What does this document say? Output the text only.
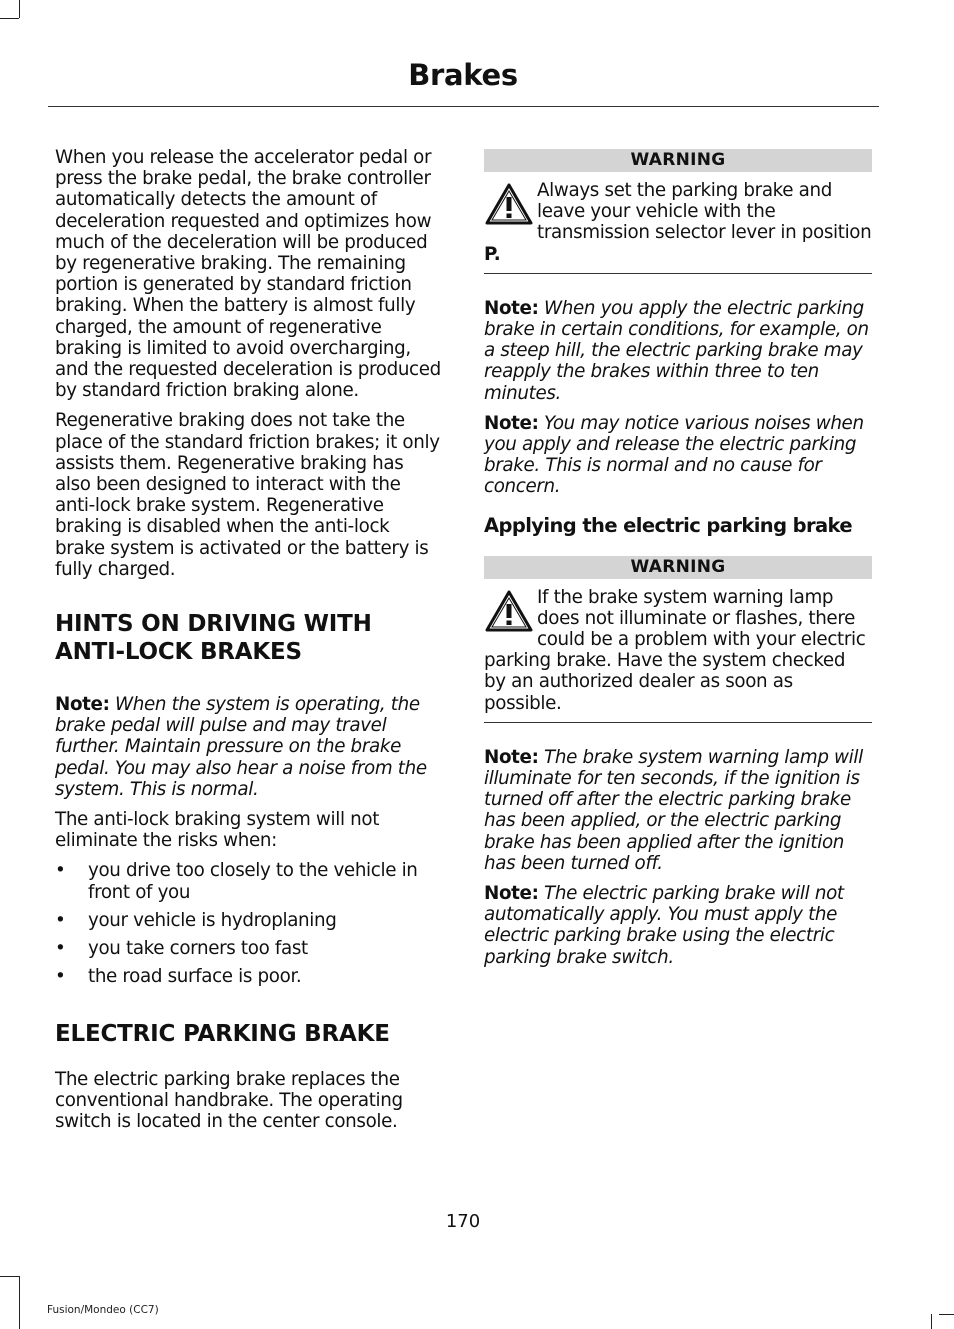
Brakes

When you release the accelerator pedal or press the brake pedal, the brake controller automatically detects the amount of deceleration requested and optimizes how much of the deceleration will be produced by regenerative braking. The remaining portion is generated by standard friction braking. When the battery is almost fully charged, the amount of regenerative braking is limited to avoid overcharging, and the requested deceleration is produced by standard friction braking alone.

Regenerative braking does not take the place of the standard friction brakes; it only assists them. Regenerative braking has also been designed to interact with the anti-lock brake system. Regenerative braking is disabled when the anti-lock brake system is activated or the battery is fully charged.

HINTS ON DRIVING WITH ANTI-LOCK BRAKES

Note: When the system is operating, the brake pedal will pulse and may travel further. Maintain pressure on the brake pedal. You may also hear a noise from the system. This is normal.

The anti-lock braking system will not eliminate the risks when:

• you drive too closely to the vehicle in front of you
• your vehicle is hydroplaning
• you take corners too fast
• the road surface is poor.
ELECTRIC PARKING BRAKE

The electric parking brake replaces the conventional handbrake. The operating switch is located in the center console.

WARNING
Always set the parking brake and leave your vehicle with the transmission selector lever in position P.

Note: When you apply the electric parking brake in certain conditions, for example, on a steep hill, the electric parking brake may reapply the brakes within three to ten minutes.

Note: You may notice various noises when you apply and release the electric parking brake. This is normal and no cause for concern.

Applying the electric parking brake
WARNING
If the brake system warning lamp does not illuminate or flashes, there could be a problem with your electric parking brake. Have the system checked by an authorized dealer as soon as possible.

Note: The brake system warning lamp will illuminate for ten seconds, if the ignition is turned off after the electric parking brake has been applied, or the electric parking brake has been applied after the ignition has been turned off.

Note: The electric parking brake will not automatically apply. You must apply the electric parking brake using the electric parking brake switch.

170
Fusion/Mondeo (CC7)
